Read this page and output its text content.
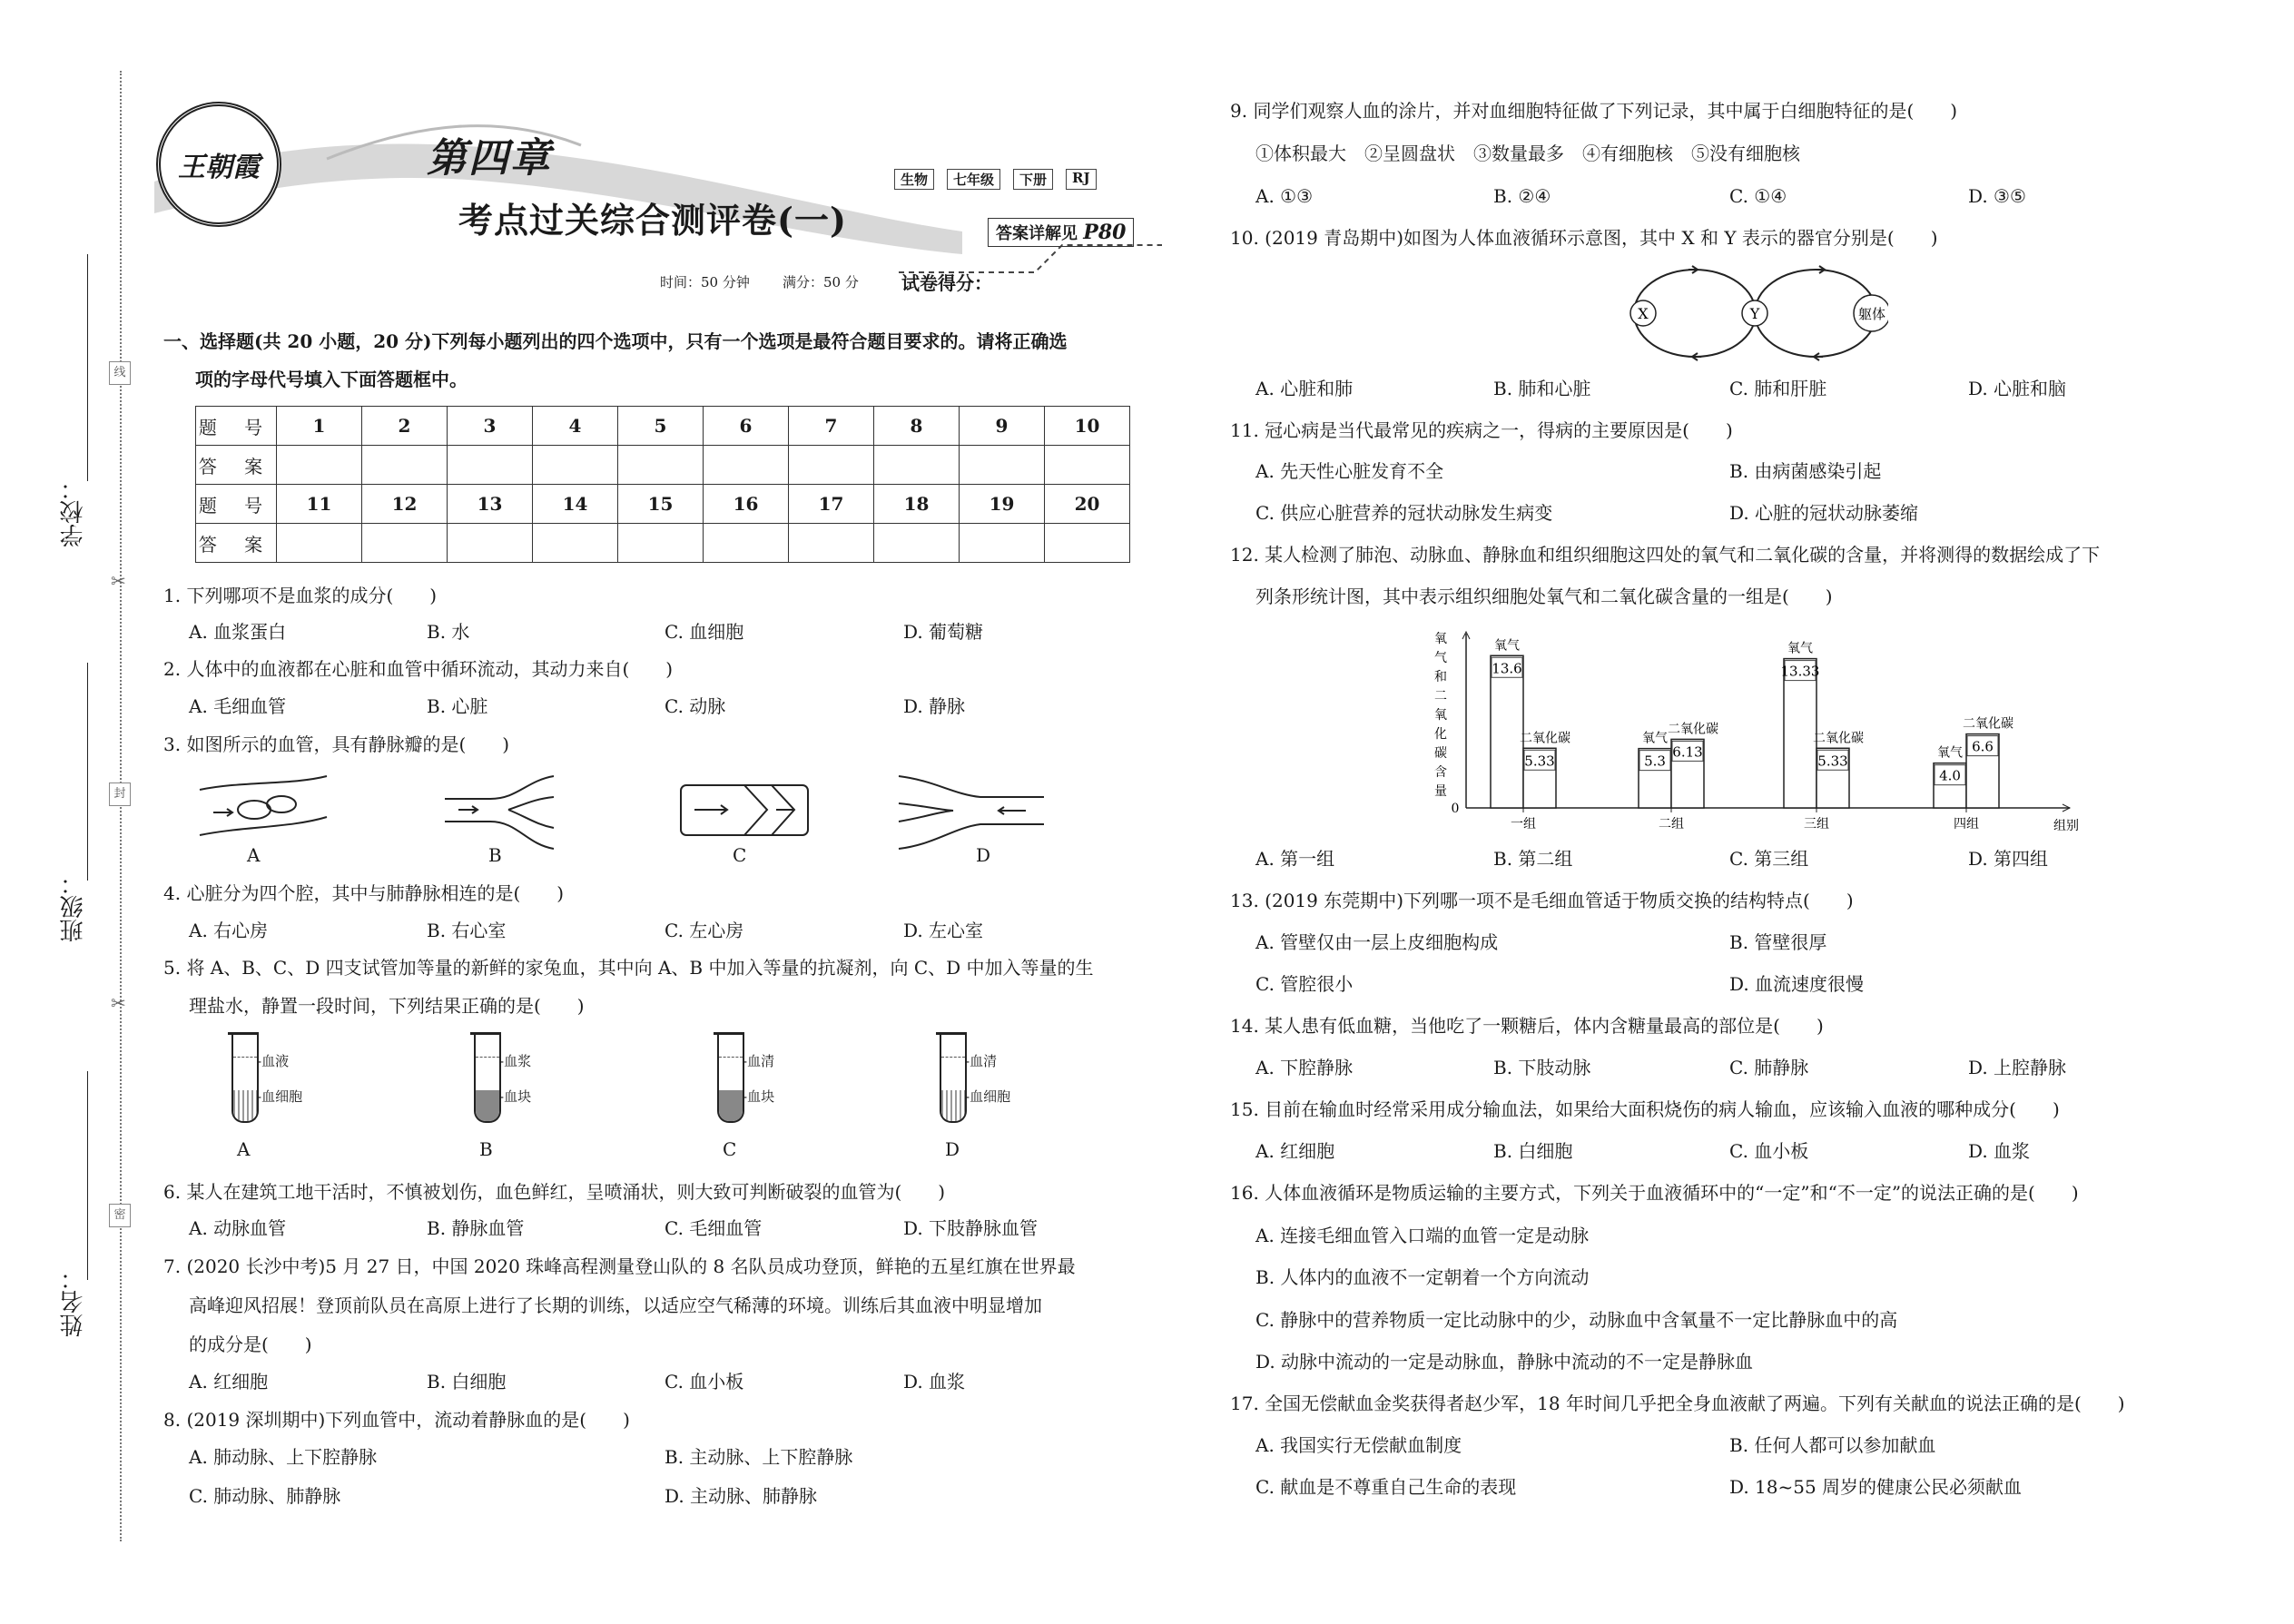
学校：
班级：
姓名：
线
封
密
✂
✂
王朝霞	第四章
考点过关综合测评卷(一)
生物	七年级	下册	RJ
答案详解见 P80
时间：50 分钟 满分：50 分 试卷得分：
一、选择题(共 20 小题，20 分)下列每小题列出的四个选项中，只有一个选项是最符合题目要求的。请将正确选
项的字母代号填入下面答题框中。
题 号	1	2	3	4	5	6	7	8	9	10
答 案										
题 号	11	12	13	14	15	16	17	18	19	20
答 案										
1. 下列哪项不是血浆的成分(　　)
A. 血浆蛋白	B. 水	C. 血细胞	D. 葡萄糖
2. 人体中的血液都在心脏和血管中循环流动，其动力来自(　　)
A. 毛细血管	B. 心脏	C. 动脉	D. 静脉
3. 如图所示的血管，具有静脉瓣的是(　　)
A	B	C	D
4. 心脏分为四个腔，其中与肺静脉相连的是(　　)
A. 右心房	B. 右心室	C. 左心房	D. 左心室
5. 将 A、B、C、D 四支试管加等量的新鲜的家兔血，其中向 A、B 中加入等量的抗凝剂，向 C、D 中加入等量的生
理盐水，静置一段时间，下列结果正确的是(　　)
-血液
-血细胞
A
-血浆
-血块
B
-血清
-血块
C
-血清
-血细胞
D
6. 某人在建筑工地干活时，不慎被划伤，血色鲜红，呈喷涌状，则大致可判断破裂的血管为(　　)
A. 动脉血管	B. 静脉血管	C. 毛细血管	D. 下肢静脉血管
7. (2020 长沙中考)5 月 27 日，中国 2020 珠峰高程测量登山队的 8 名队员成功登顶，鲜艳的五星红旗在世界最
高峰迎风招展！登顶前队员在高原上进行了长期的训练，以适应空气稀薄的环境。训练后其血液中明显增加
的成分是(　　)
A. 红细胞	B. 白细胞	C. 血小板	D. 血浆
8. (2019 深圳期中)下列血管中，流动着静脉血的是(　　)
A. 肺动脉、上下腔静脉	B. 主动脉、上下腔静脉
C. 肺动脉、肺静脉	D. 主动脉、肺静脉
9. 同学们观察人血的涂片，并对血细胞特征做了下列记录，其中属于白细胞特征的是(　　)
①体积最大　②呈圆盘状　③数量最多　④有细胞核　⑤没有细胞核
A. ①③	B. ②④	C. ①④	D. ③⑤
10. (2019 青岛期中)如图为人体血液循环示意图，其中 X 和 Y 表示的器官分别是(　　)
X	Y	躯体
A. 心脏和肺	B. 肺和心脏	C. 肺和肝脏	D. 心脏和脑
11. 冠心病是当代最常见的疾病之一，得病的主要原因是(　　)
A. 先天性心脏发育不全	B. 由病菌感染引起
C. 供应心脏营养的冠状动脉发生病变	D. 心脏的冠状动脉萎缩
12. 某人检测了肺泡、动脉血、静脉血和组织细胞这四处的氧气和二氧化碳的含量，并将测得的数据绘成了下
列条形统计图，其中表示组织细胞处氧气和二氧化碳含量的一组是(　　)
0
氧
气
和
二
氧
化
碳
含
量
组别
13.6
氧气
5.33
二氧化碳
一组
5.3
氧气
6.13
二氧化碳
二组
13.33
氧气
5.33
二氧化碳
三组
4.0
氧气 6.6
二氧化碳
四组
A. 第一组	B. 第二组	C. 第三组	D. 第四组
13. (2019 东莞期中)下列哪一项不是毛细血管适于物质交换的结构特点(　　)
A. 管壁仅由一层上皮细胞构成	B. 管壁很厚
C. 管腔很小	D. 血流速度很慢
14. 某人患有低血糖，当他吃了一颗糖后，体内含糖量最高的部位是(　　)
A. 下腔静脉	B. 下肢动脉	C. 肺静脉	D. 上腔静脉
15. 目前在输血时经常采用成分输血法，如果给大面积烧伤的病人输血，应该输入血液的哪种成分(　　)
A. 红细胞	B. 白细胞	C. 血小板	D. 血浆
16. 人体血液循环是物质运输的主要方式，下列关于血液循环中的“一定”和“不一定”的说法正确的是(　　)
A. 连接毛细血管入口端的血管一定是动脉
B. 人体内的血液不一定朝着一个方向流动
C. 静脉中的营养物质一定比动脉中的少，动脉血中含氧量不一定比静脉血中的高
D. 动脉中流动的一定是动脉血，静脉中流动的不一定是静脉血
17. 全国无偿献血金奖获得者赵少军，18 年时间几乎把全身血液献了两遍。下列有关献血的说法正确的是(　　)
A. 我国实行无偿献血制度	B. 任何人都可以参加献血
C. 献血是不尊重自己生命的表现	D. 18~55 周岁的健康公民必须献血
